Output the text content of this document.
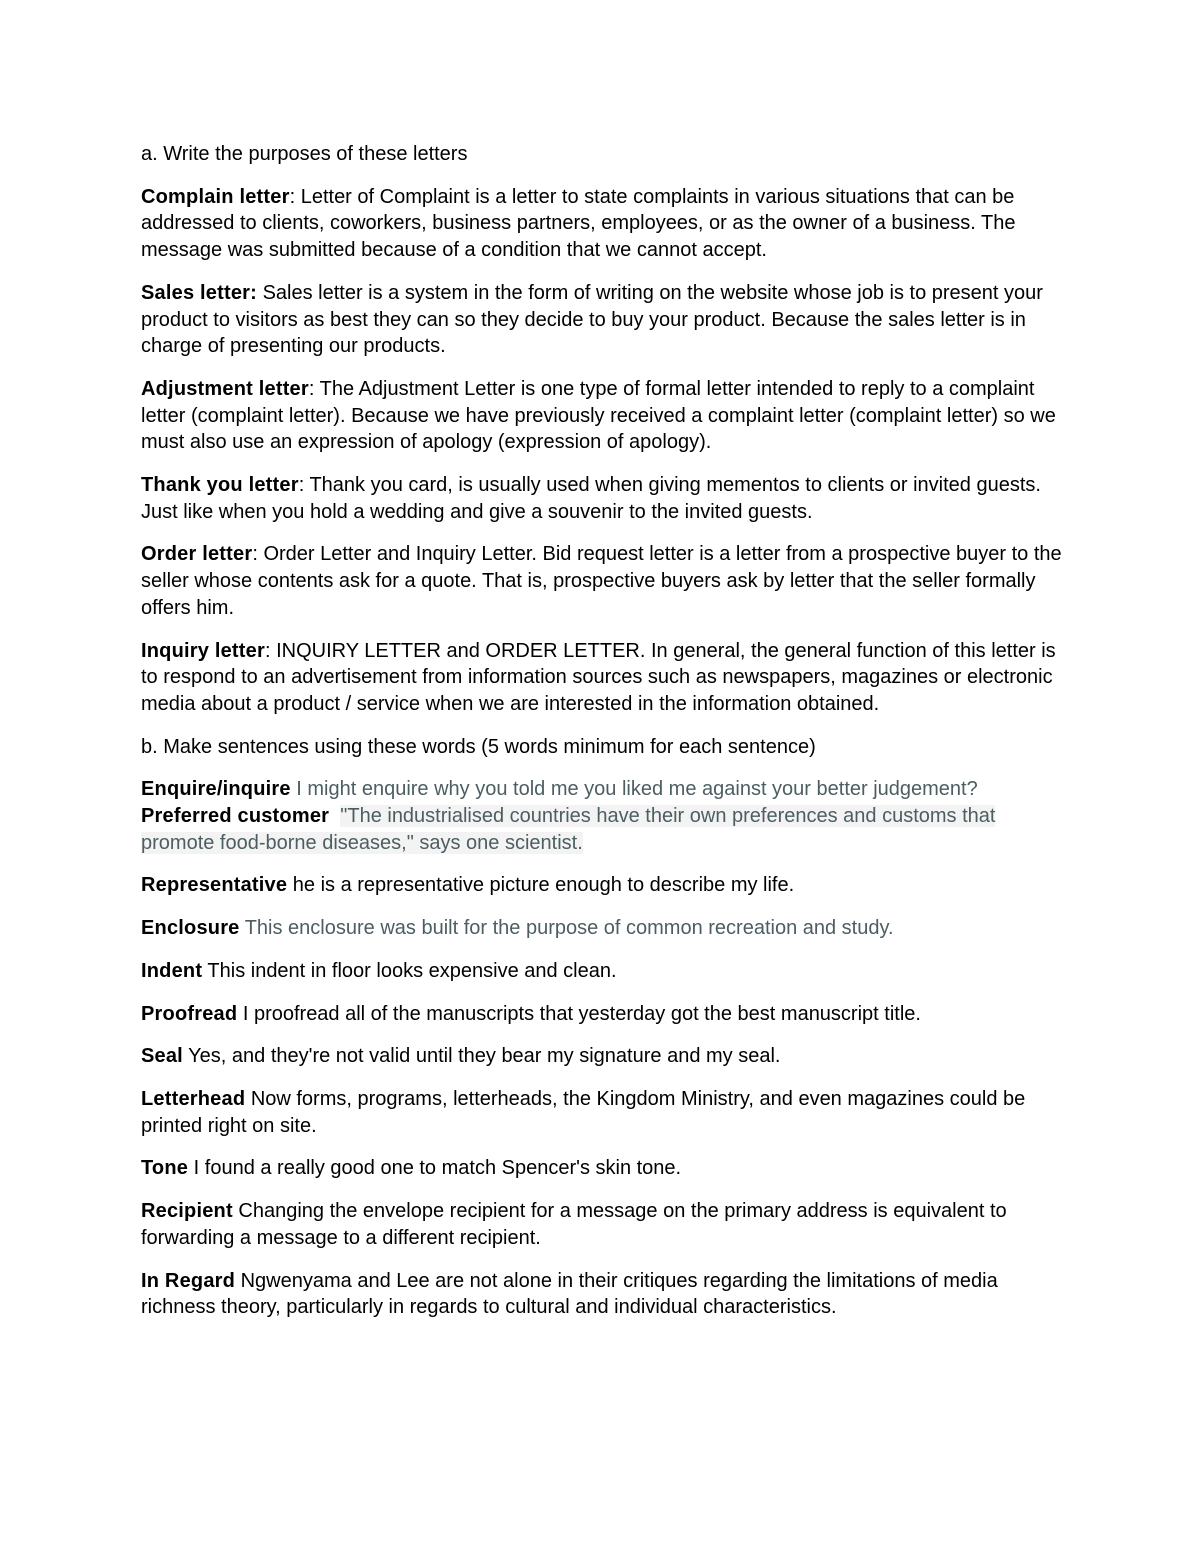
a. Write the purposes of these letters

Complain letter: Letter of Complaint is a letter to state complaints in various situations that can be addressed to clients, coworkers, business partners, employees, or as the owner of a business. The message was submitted because of a condition that we cannot accept.

Sales letter: Sales letter is a system in the form of writing on the website whose job is to present your product to visitors as best they can so they decide to buy your product. Because the sales letter is in charge of presenting our products.

Adjustment letter: The Adjustment Letter is one type of formal letter intended to reply to a complaint letter (complaint letter). Because we have previously received a complaint letter (complaint letter) so we must also use an expression of apology (expression of apology).

Thank you letter: Thank you card, is usually used when giving mementos to clients or invited guests. Just like when you hold a wedding and give a souvenir to the invited guests.

Order letter: Order Letter and Inquiry Letter. Bid request letter is a letter from a prospective buyer to the seller whose contents ask for a quote. That is, prospective buyers ask by letter that the seller formally offers him.

Inquiry letter: INQUIRY LETTER and ORDER LETTER. In general, the general function of this letter is to respond to an advertisement from information sources such as newspapers, magazines or electronic media about a product / service when we are interested in the information obtained.

b. Make sentences using these words (5 words minimum for each sentence)

Enquire/inquire I might enquire why you told me you liked me against your better judgement?

Preferred customer "The industrialised countries have their own preferences and customs that promote food-borne diseases," says one scientist.

Representative he is a representative picture enough to describe my life.

Enclosure This enclosure was built for the purpose of common recreation and study.

Indent This indent in floor looks expensive and clean.

Proofread I proofread all of the manuscripts that yesterday got the best manuscript title.

Seal Yes, and they're not valid until they bear my signature and my seal.

Letterhead Now forms, programs, letterheads, the Kingdom Ministry, and even magazines could be printed right on site.

Tone I found a really good one to match Spencer's skin tone.

Recipient Changing the envelope recipient for a message on the primary address is equivalent to forwarding a message to a different recipient.

In Regard Ngwenyama and Lee are not alone in their critiques regarding the limitations of media richness theory, particularly in regards to cultural and individual characteristics.
